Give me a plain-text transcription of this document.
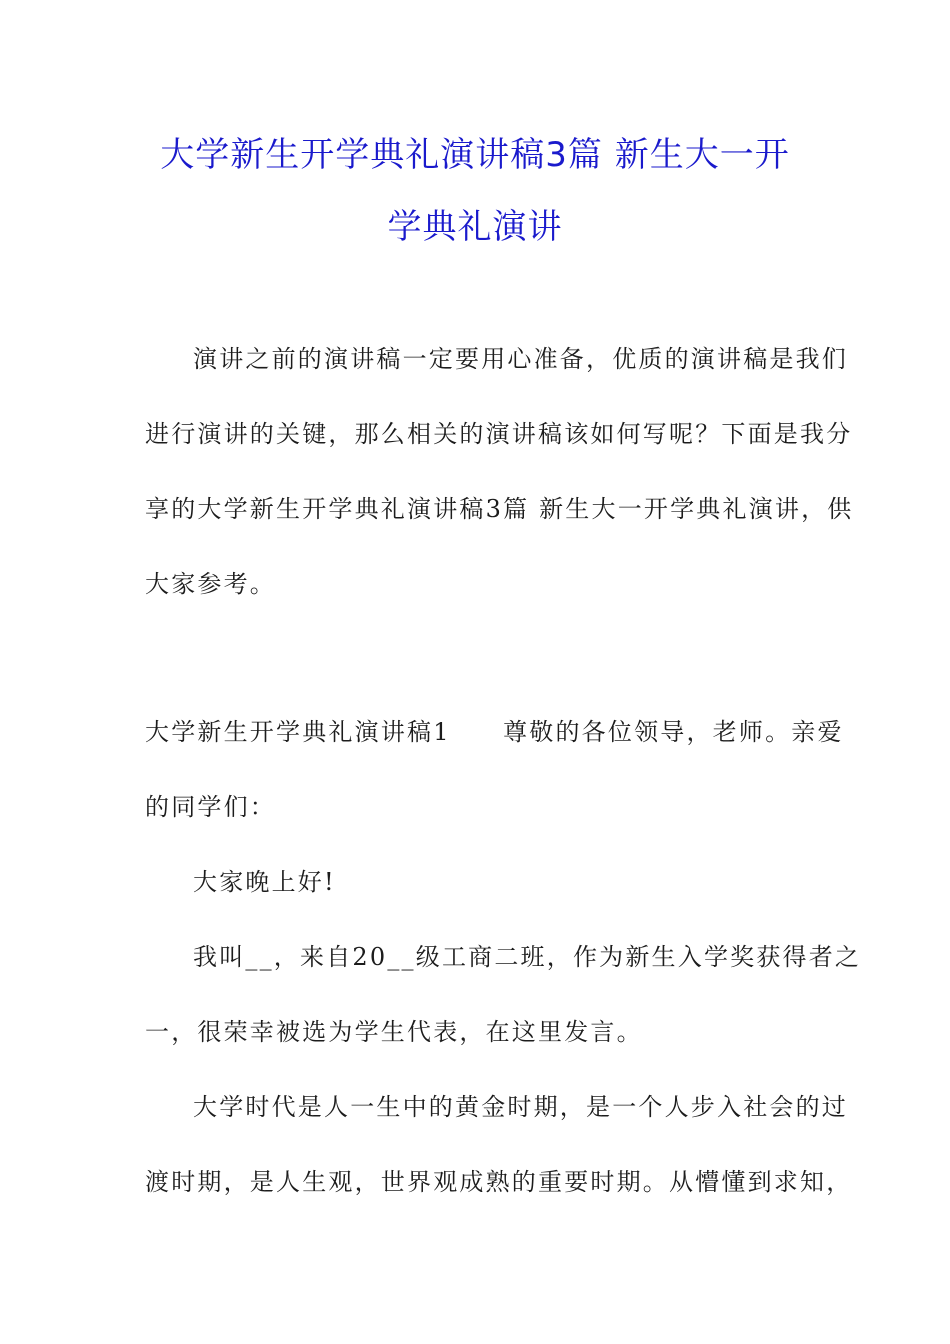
大学新生开学典礼演讲稿3篇 新生大一开
学典礼演讲
演讲之前的演讲稿一定要用心准备，优质的演讲稿是我们
进行演讲的关键，那么相关的演讲稿该如何写呢？下面是我分
享的大学新生开学典礼演讲稿3篇 新生大一开学典礼演讲，供
大家参考。
大学新生开学典礼演讲稿1　　尊敬的各位领导，老师。亲爱
的同学们：
大家晚上好!
我叫__，来自20__级工商二班，作为新生入学奖获得者之
一，很荣幸被选为学生代表，在这里发言。
大学时代是人一生中的黄金时期，是一个人步入社会的过
渡时期，是人生观，世界观成熟的重要时期。从懵懂到求知，
